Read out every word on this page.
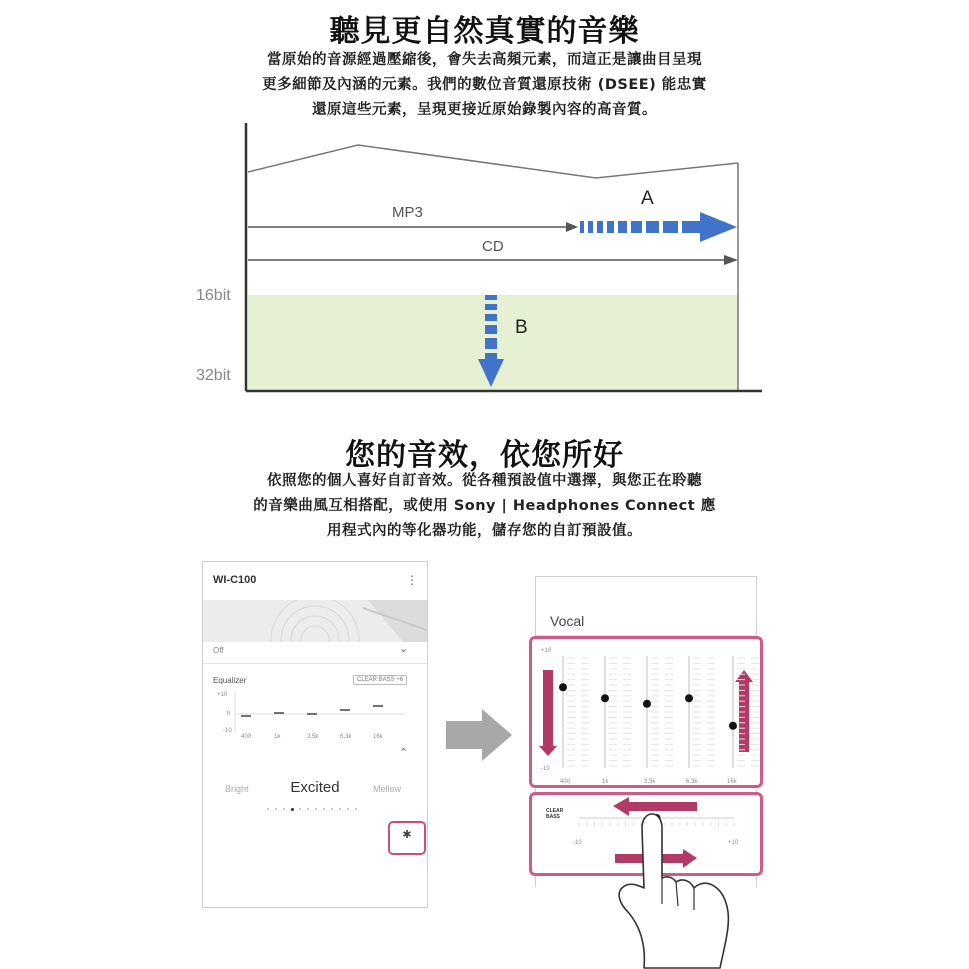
聽見更自然真實的音樂
當原始的音源經過壓縮後，會失去高頻元素，而這正是讓曲目呈現
更多細節及內涵的元素。我們的數位音質還原技術 (DSEE) 能忠實
還原這些元素，呈現更接近原始錄製內容的高音質。
MP3
CD
A
B
16bit
32bit
您的音效，依您所好
依照您的個人喜好自訂音效。從各種預設值中選擇，與您正在聆聽
的音樂曲風互相搭配，或使用 Sony | Headphones Connect 應
用程式內的等化器功能，儲存您的自訂預設值。
WI-C100	⋮
Off	⌄
Equalizer	CLEAR BASS +6
+10
0
-10
400	1k	2.5k	6.3k	16k
⌃
Bright	Excited	Mellow
✱
Vocal
+10
-10
400	1k	2.5k	6.3k	16k
CLEAR BASS
-10	+10
